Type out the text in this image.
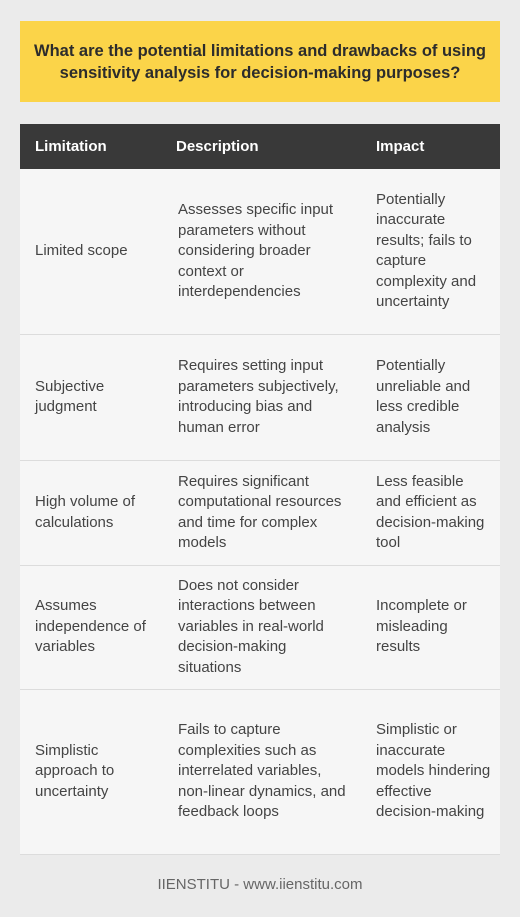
What are the potential limitations and drawbacks of using sensitivity analysis for decision-making purposes?
Limitation	Description	Impact
Limited scope	Assesses specific input parameters without considering broader context or interdependencies	Potentially inaccurate results; fails to capture complexity and uncertainty
Subjective judgment	Requires setting input parameters subjectively, introducing bias and human error	Potentially unreliable and less credible analysis
High volume of calculations	Requires significant computational resources and time for complex models	Less feasible and efficient as decision-making tool
Assumes independence of variables	Does not consider interactions between variables in real-world decision-making situations	Incomplete or misleading results
Simplistic approach to uncertainty	Fails to capture complexities such as interrelated variables, non-linear dynamics, and feedback loops	Simplistic or inaccurate models hindering effective decision-making
IIENSTITU - www.iienstitu.com
